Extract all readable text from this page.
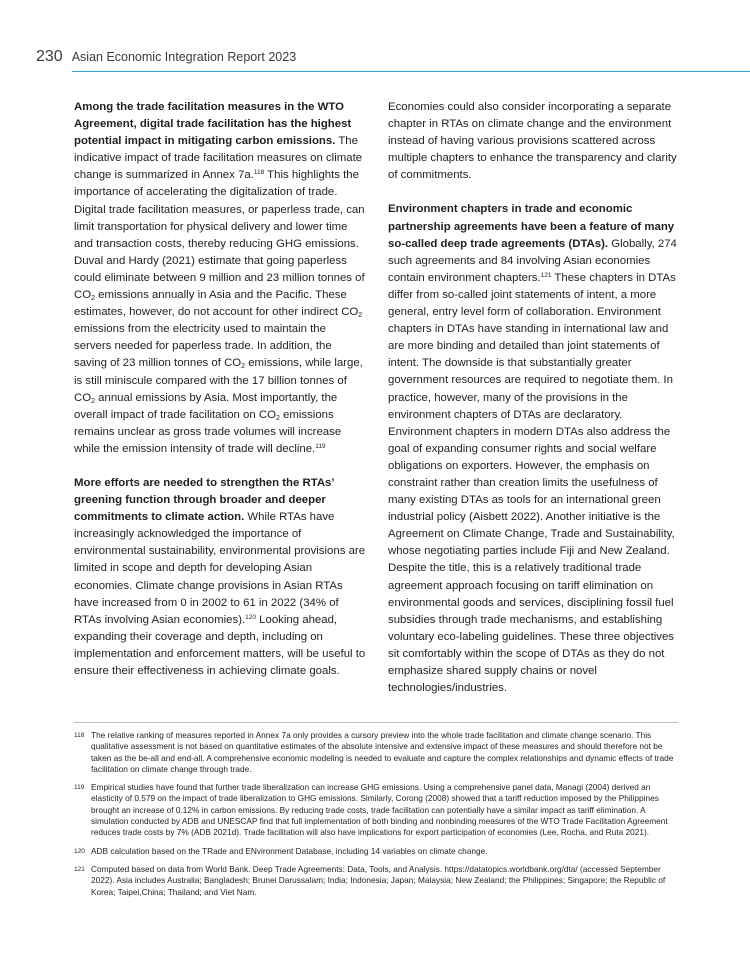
230 Asian Economic Integration Report 2023

Among the trade facilitation measures in the WTO Agreement, digital trade facilitation has the highest potential impact in mitigating carbon emissions. The indicative impact of trade facilitation measures on climate change is summarized in Annex 7a.$^{118}$ This highlights the importance of accelerating the digitalization of trade. Digital trade facilitation measures, or paperless trade, can limit transportation for physical delivery and lower time and transaction costs, thereby reducing GHG emissions. Duval and Hardy (2021) estimate that going paperless could eliminate between 9 million and 23 million tonnes of $CO_2$ emissions annually in Asia and the Pacific. These estimates, however, do not account for other indirect $CO_2$ emissions from the electricity used to maintain the servers needed for paperless trade. In addition, the saving of 23 million tonnes of $CO_2$ emissions, while large, is still miniscule compared with the 17 billion tonnes of $CO_2$ annual emissions by Asia. Most importantly, the overall impact of trade facilitation on $CO_2$ emissions remains unclear as gross trade volumes will increase while the emission intensity of trade will decline.$^{119}$

More efforts are needed to strengthen the RTAs’ greening function through broader and deeper commitments to climate action. While RTAs have increasingly acknowledged the importance of environmental sustainability, environmental provisions are limited in scope and depth for developing Asian economies. Climate change provisions in Asian RTAs have increased from 0 in 2002 to 61 in 2022 (34% of RTAs involving Asian economies).$^{120}$ Looking ahead, expanding their coverage and depth, including on implementation and enforcement matters, will be useful to ensure their effectiveness in achieving climate goals.

Economies could also consider incorporating a separate chapter in RTAs on climate change and the environment instead of having various provisions scattered across multiple chapters to enhance the transparency and clarity of commitments.

Environment chapters in trade and economic partnership agreements have been a feature of many so-called deep trade agreements (DTAs). Globally, 274 such agreements and 84 involving Asian economies contain environment chapters.$^{121}$ These chapters in DTAs differ from so-called joint statements of intent, a more general, entry level form of collaboration. Environment chapters in DTAs have standing in international law and are more binding and detailed than joint statements of intent. The downside is that substantially greater government resources are required to negotiate them. In practice, however, many of the provisions in the environment chapters of DTAs are declaratory. Environment chapters in modern DTAs also address the goal of expanding consumer rights and social welfare obligations on exporters. However, the emphasis on constraint rather than creation limits the usefulness of many existing DTAs as tools for an international green industrial policy (Aisbett 2022). Another initiative is the Agreement on Climate Change, Trade and Sustainability, whose negotiating parties include Fiji and New Zealand. Despite the title, this is a relatively traditional trade agreement approach focusing on tariff elimination on environmental goods and services, disciplining fossil fuel subsidies through trade mechanisms, and establishing voluntary eco-labeling guidelines. These three objectives sit comfortably within the scope of DTAs as they do not emphasize shared supply chains or novel technologies/industries.

118 The relative ranking of measures reported in Annex 7a only provides a cursory preview into the whole trade facilitation and climate change scenario. This qualitative assessment is not based on quantitative estimates of the absolute intensive and extensive impact of these measures and should therefore not be taken as the be-all and end-all. A comprehensive economic modeling is needed to evaluate and capture the complex relationships and dynamic effects of trade facilitation on climate change through trade.
119 Empirical studies have found that further trade liberalization can increase GHG emissions. Using a comprehensive panel data, Managi (2004) derived an elasticity of 0.579 on the impact of trade liberalization to GHG emissions. Similarly, Corong (2008) showed that a tariff reduction imposed by the Philippines brought an increase of 0.12% in carbon emissions. By reducing trade costs, trade facilitation can potentially have a similar impact as tariff elimination. A simulation conducted by ADB and UNESCAP find that full implementation of both binding and nonbinding measures of the WTO Trade Facilitation Agreement reduces trade costs by 7% (ADB 2021d). Trade facilitation will also have implications for export participation of economies (Lee, Rocha, and Ruta 2021).
120 ADB calculation based on the TRade and ENvironment Database, including 14 variables on climate change.
121 Computed based on data from World Bank. Deep Trade Agreements: Data, Tools, and Analysis. https://datatopics.worldbank.org/dta/ (accessed September 2022). Asia includes Australia; Bangladesh; Brunei Darussalam; India; Indonesia; Japan; Malaysia; New Zealand; the Philippines; Singapore; the Republic of Korea; Taipei,China; Thailand; and Viet Nam.
